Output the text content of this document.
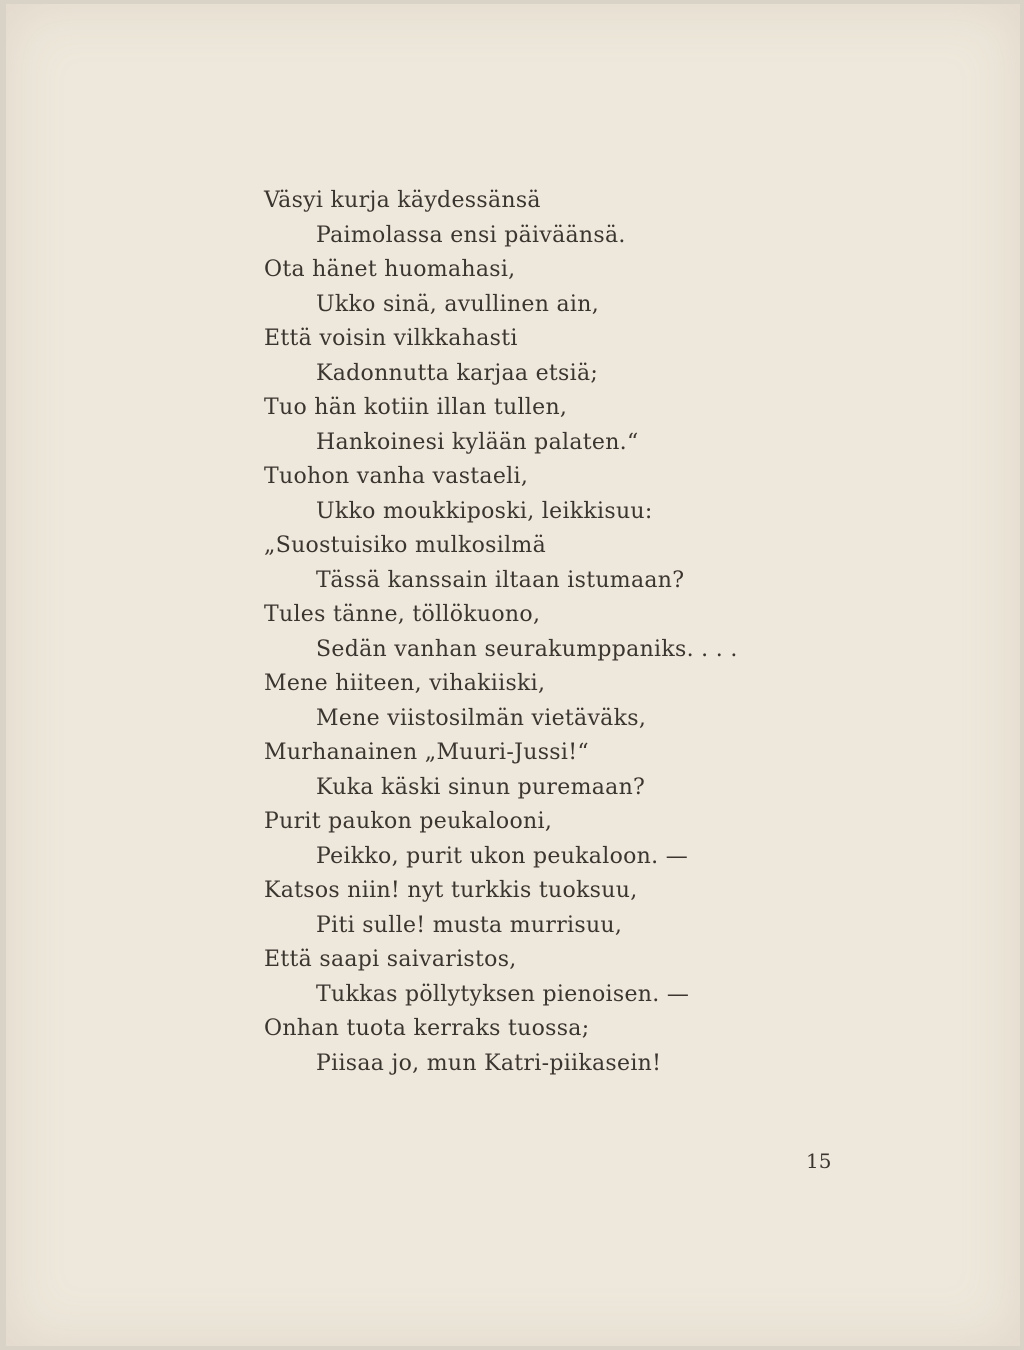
Väsyi kurja käydessänsä
Paimolassa ensi päiväänsä.
Ota hänet huomahasi,
Ukko sinä, avullinen ain,
Että voisin vilkkahasti
Kadonnutta karjaa etsiä;
Tuo hän kotiin illan tullen,
Hankoinesi kylään palaten.“
Tuohon vanha vastaeli,
Ukko moukkiposki, leikkisuu:
„Suostuisiko mulkosilmä
Tässä kanssain iltaan istumaan?
Tules tänne, töllökuono,
Sedän vanhan seurakumppaniks. . . .
Mene hiiteen, vihakiiski,
Mene viistosilmän vietäväks,
Murhanainen „Muuri-Jussi!“
Kuka käski sinun puremaan?
Purit paukon peukalooni,
Peikko, purit ukon peukaloon. —
Katsos niin! nyt turkkis tuoksuu,
Piti sulle! musta murrisuu,
Että saapi saivaristos,
Tukkas pöllytyksen pienoisen. —
Onhan tuota kerraks tuossa;
Piisaa jo, mun Katri-piikasein!
15
